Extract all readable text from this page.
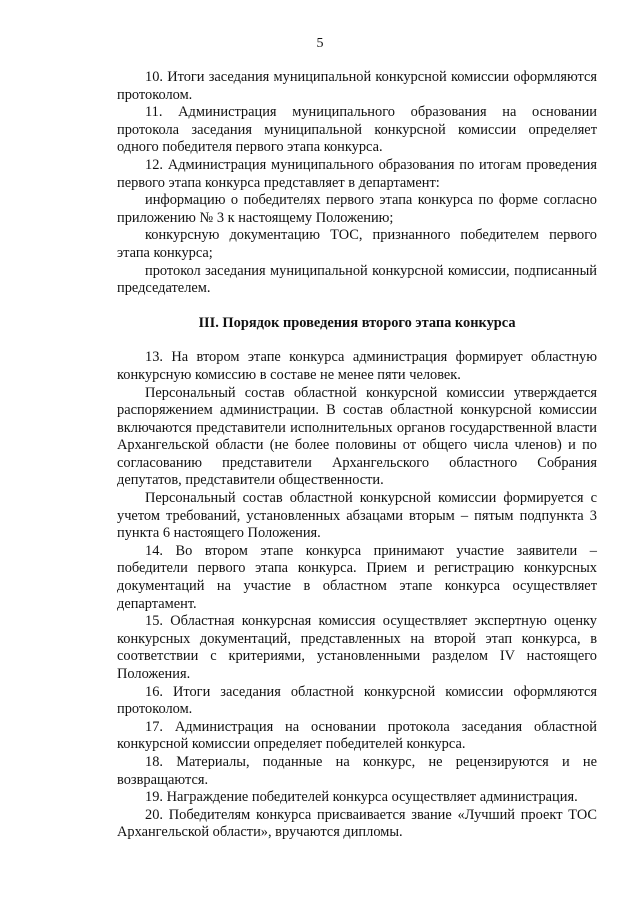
5

10. Итоги заседания муниципальной конкурсной комиссии оформляются протоколом.

11. Администрация муниципального образования на основании протокола заседания муниципальной конкурсной комиссии определяет одного победителя первого этапа конкурса.

12. Администрация муниципального образования по итогам проведения первого этапа конкурса представляет в департамент:

информацию о победителях первого этапа конкурса по форме согласно приложению № 3 к настоящему Положению;

конкурсную документацию ТОС, признанного победителем первого этапа конкурса;

протокол заседания муниципальной конкурсной комиссии, подписанный председателем.

III. Порядок проведения второго этапа конкурса

13. На втором этапе конкурса администрация формирует областную конкурсную комиссию в составе не менее пяти человек.

Персональный состав областной конкурсной комиссии утверждается распоряжением администрации. В состав областной конкурсной комиссии включаются представители исполнительных органов государственной власти Архангельской области (не более половины от общего числа членов) и по согласованию представители Архангельского областного Собрания депутатов, представители общественности.

Персональный состав областной конкурсной комиссии формируется с учетом требований, установленных абзацами вторым – пятым подпункта 3 пункта 6 настоящего Положения.

14. Во втором этапе конкурса принимают участие заявители – победители первого этапа конкурса. Прием и регистрацию конкурсных документаций на участие в областном этапе конкурса осуществляет департамент.

15. Областная конкурсная комиссия осуществляет экспертную оценку конкурсных документаций, представленных на второй этап конкурса, в соответствии с критериями, установленными разделом IV настоящего Положения.

16. Итоги заседания областной конкурсной комиссии оформляются протоколом.

17. Администрация на основании протокола заседания областной конкурсной комиссии определяет победителей конкурса.

18. Материалы, поданные на конкурс, не рецензируются и не возвращаются.

19. Награждение победителей конкурса осуществляет администрация.

20. Победителям конкурса присваивается звание «Лучший проект ТОС Архангельской области», вручаются дипломы.
